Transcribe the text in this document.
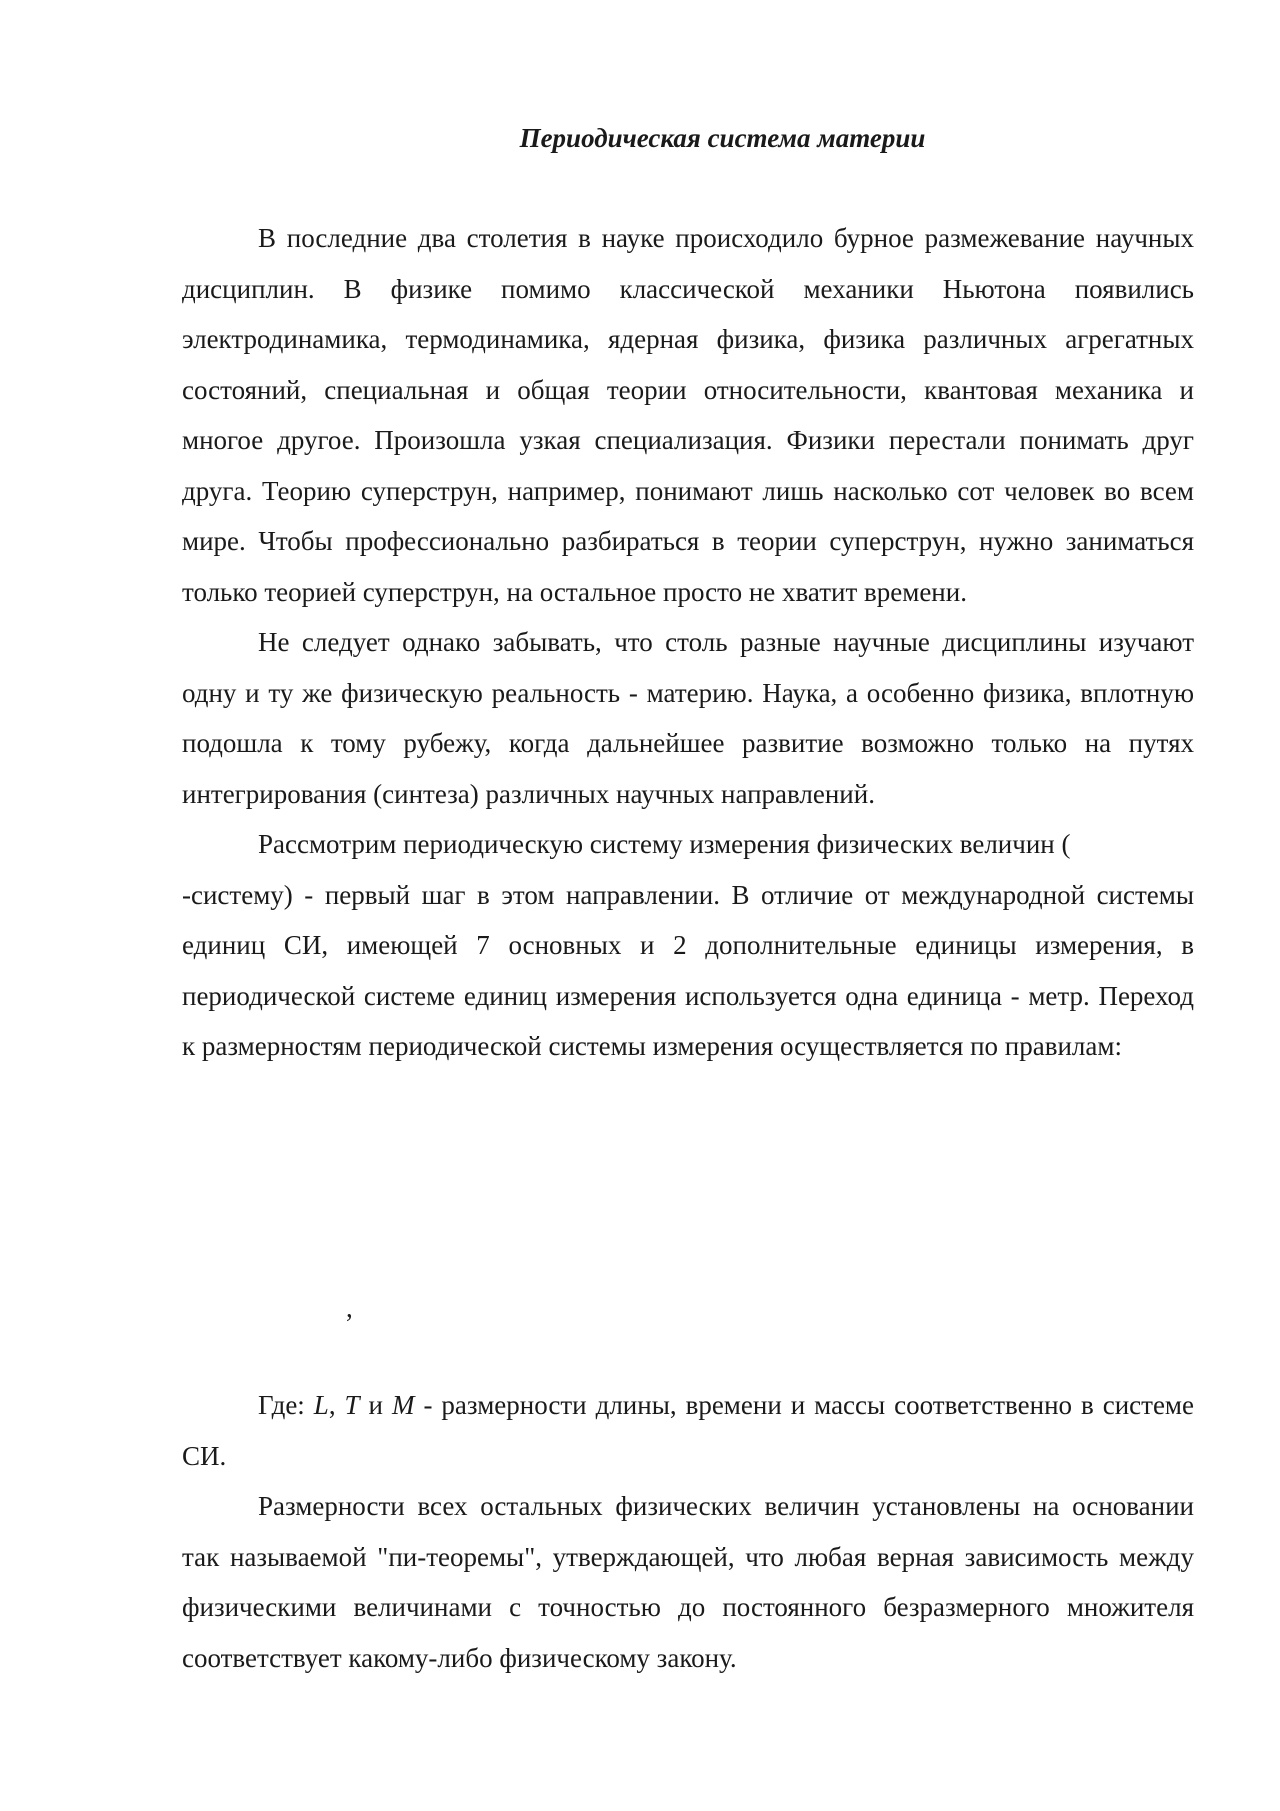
Периодическая система материи

В последние два столетия в науке происходило бурное размежевание научных дисциплин. В физике помимо классической механики Ньютона появились электродинамика, термодинамика, ядерная физика, физика различных агрегатных состояний, специальная и общая теории относительности, квантовая механика и многое другое. Произошла узкая специализация. Физики перестали понимать друг друга. Теорию суперструн, например, понимают лишь насколько сот человек во всем мире. Чтобы профессионально разбираться в теории суперструн, нужно заниматься только теорией суперструн, на остальное просто не хватит времени.

Не следует однако забывать, что столь разные научные дисциплины изучают одну и ту же физическую реальность - материю. Наука, а особенно физика, вплотную подошла к тому рубежу, когда дальнейшее развитие возможно только на путях интегрирования (синтеза) различных научных направлений.

Рассмотрим периодическую систему измерения физических величин (

-систему) - первый шаг в этом направлении. В отличие от международной системы единиц СИ, имеющей 7 основных и 2 дополнительные единицы измерения, в периодической системе единиц измерения используется одна единица - метр. Переход к размерностям периодической системы измерения осуществляется по правилам:

,

Где: L, T и M - размерности длины, времени и массы соответственно в системе СИ.

Размерности всех остальных физических величин установлены на основании так называемой "пи-теоремы", утверждающей, что любая верная зависимость между физическими величинами с точностью до постоянного безразмерного множителя соответствует какому-либо физическому закону.
